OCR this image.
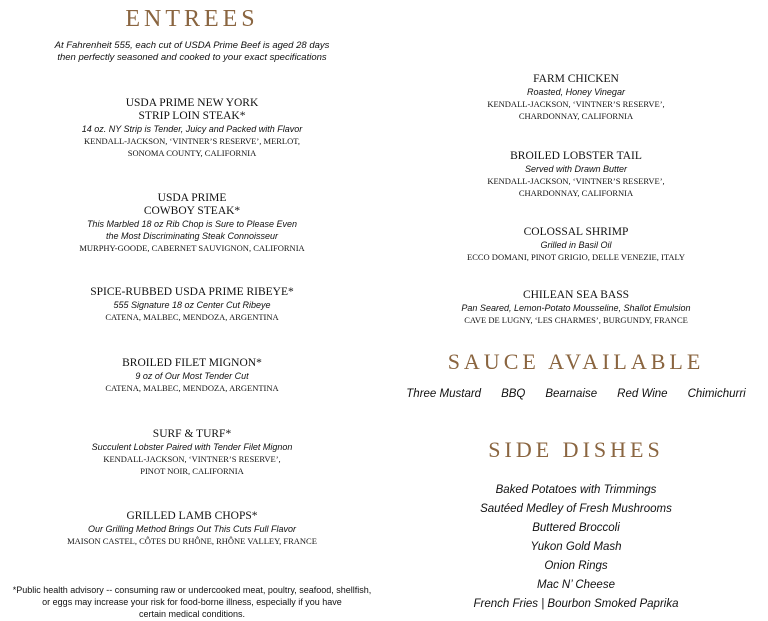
ENTREES
At Fahrenheit 555, each cut of USDA Prime Beef is aged 28 days
then perfectly seasoned and cooked to your exact specifications
USDA PRIME NEW YORK
STRIP LOIN STEAK*
14 oz. NY Strip is Tender, Juicy and Packed with Flavor
KENDALL-JACKSON, ‘VINTNER’S RESERVE’, MERLOT,
SONOMA COUNTY, CALIFORNIA
USDA PRIME
COWBOY STEAK*
This Marbled 18 oz Rib Chop is Sure to Please Even
the Most Discriminating Steak Connoisseur
MURPHY-GOODE, CABERNET SAUVIGNON, CALIFORNIA
SPICE-RUBBED USDA PRIME RIBEYE*
555 Signature 18 oz Center Cut Ribeye
CATENA, MALBEC, MENDOZA, ARGENTINA
BROILED FILET MIGNON*
9 oz of Our Most Tender Cut
CATENA, MALBEC, MENDOZA, ARGENTINA
SURF & TURF*
Succulent Lobster Paired with Tender Filet Mignon
KENDALL-JACKSON, ‘VINTNER’S RESERVE’,
PINOT NOIR, CALIFORNIA
GRILLED LAMB CHOPS*
Our Grilling Method Brings Out This Cuts Full Flavor
MAISON CASTEL, CÔTES DU RHÔNE, RHÔNE VALLEY, FRANCE
*Public health advisory -- consuming raw or undercooked meat, poultry, seafood, shellfish,
or eggs may increase your risk for food-borne illness, especially if you have
certain medical conditions.
FARM CHICKEN
Roasted, Honey Vinegar
KENDALL-JACKSON, ‘VINTNER’S RESERVE’,
CHARDONNAY, CALIFORNIA
BROILED LOBSTER TAIL
Served with Drawn Butter
KENDALL-JACKSON, ‘VINTNER’S RESERVE’,
CHARDONNAY, CALIFORNIA
COLOSSAL SHRIMP
Grilled in Basil Oil
ECCO DOMANI, PINOT GRIGIO, DELLE VENEZIE, ITALY
CHILEAN SEA BASS
Pan Seared, Lemon-Potato Mousseline, Shallot Emulsion
CAVE DE LUGNY, ‘LES CHARMES’, BURGUNDY, FRANCE
SAUCE AVAILABLE
Three Mustard BBQ Bearnaise Red Wine Chimichurri
SIDE DISHES
Baked Potatoes with Trimmings
Sautéed Medley of Fresh Mushrooms
Buttered Broccoli
Yukon Gold Mash
Onion Rings
Mac N’ Cheese
French Fries | Bourbon Smoked Paprika
